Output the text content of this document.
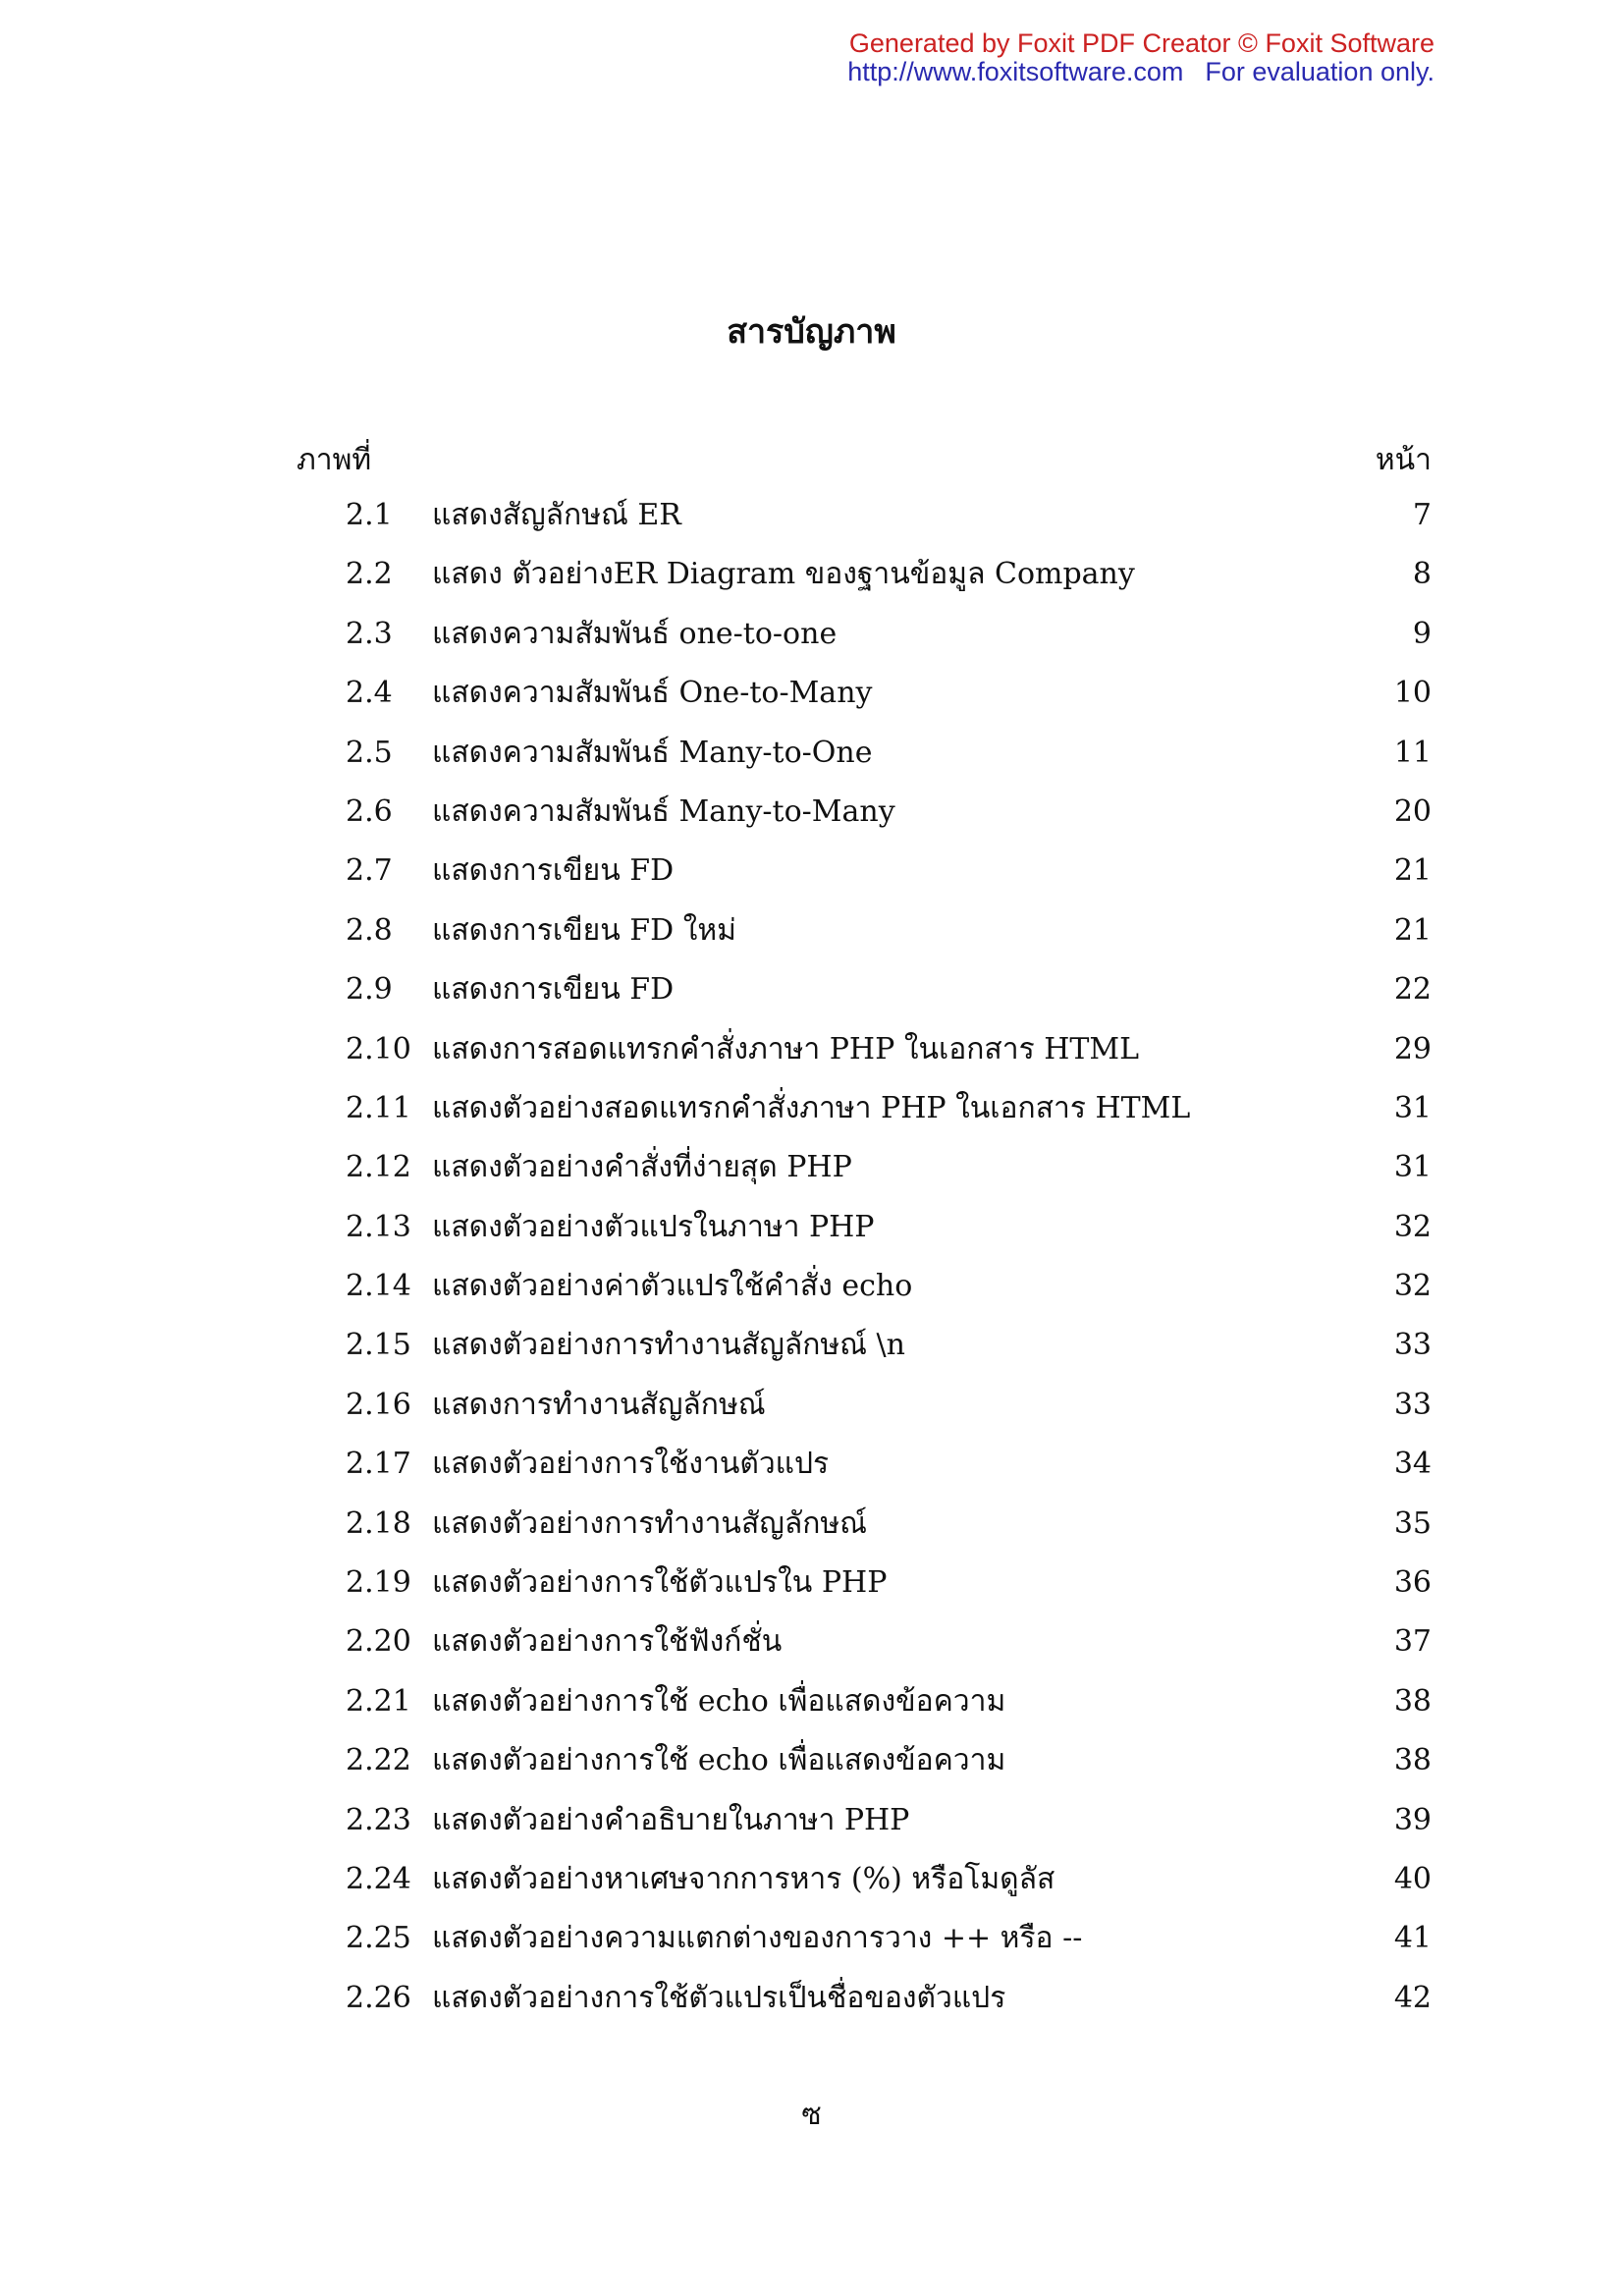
Generated by Foxit PDF Creator © Foxit Software
http://www.foxitsoftware.com For evaluation only.
สารบัญภาพ
ภาพที่	หน้า
2.1 แสดงสัญลักษณ์ ER	7
2.2 แสดง ตัวอย่างER Diagram ของฐานข้อมูล Company	8
2.3 แสดงความสัมพันธ์ one-to-one	9
2.4 แสดงความสัมพันธ์ One-to-Many	10
2.5 แสดงความสัมพันธ์ Many-to-One	11
2.6 แสดงความสัมพันธ์ Many-to-Many	20
2.7 แสดงการเขียน FD	21
2.8 แสดงการเขียน FD ใหม่	21
2.9 แสดงการเขียน FD	22
2.10 แสดงการสอดแทรกคำสั่งภาษา PHP ในเอกสาร HTML	29
2.11 แสดงตัวอย่างสอดแทรกคำสั่งภาษา PHP ในเอกสาร HTML	31
2.12 แสดงตัวอย่างคำสั่งที่ง่ายสุด PHP	31
2.13 แสดงตัวอย่างตัวแปรในภาษา PHP	32
2.14 แสดงตัวอย่างค่าตัวแปรใช้คำสั่ง echo	32
2.15 แสดงตัวอย่างการทำงานสัญลักษณ์ \n	33
2.16 แสดงการทำงานสัญลักษณ์	33
2.17 แสดงตัวอย่างการใช้งานตัวแปร	34
2.18 แสดงตัวอย่างการทำงานสัญลักษณ์	35
2.19 แสดงตัวอย่างการใช้ตัวแปรใน PHP	36
2.20 แสดงตัวอย่างการใช้ฟังก์ชั่น	37
2.21 แสดงตัวอย่างการใช้ echo เพื่อแสดงข้อความ	38
2.22 แสดงตัวอย่างการใช้ echo เพื่อแสดงข้อความ	38
2.23 แสดงตัวอย่างคำอธิบายในภาษา PHP	39
2.24 แสดงตัวอย่างหาเศษจากการหาร (%) หรือโมดูลัส	40
2.25 แสดงตัวอย่างความแตกต่างของการวาง ++ หรือ --	41
2.26 แสดงตัวอย่างการใช้ตัวแปรเป็นชื่อของตัวแปร	42
ซ
